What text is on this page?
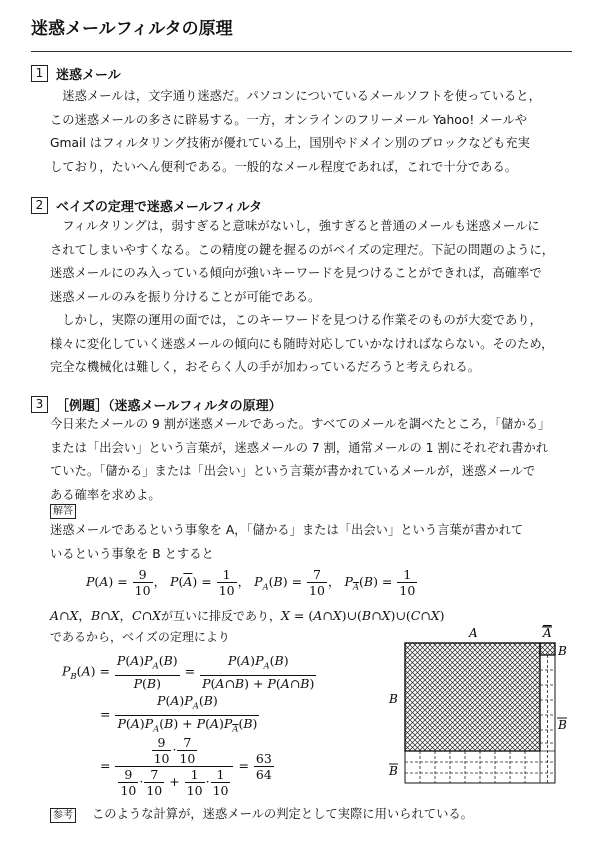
迷惑メールフィルタの原理
1 迷惑メール

　迷惑メールは，文字通り迷惑だ。パソコンについているメールソフトを使っていると，
この迷惑メールの多さに辟易する。一方，オンラインのフリーメール Yahoo! メールや
Gmail はフィルタリング技術が優れている上，国別やドメイン別のブロックなども充実
しており，たいへん便利である。一般的なメール程度であれば，これで十分である。

2 ベイズの定理で迷惑メールフィルタ

　フィルタリングは，弱すぎると意味がないし，強すぎると普通のメールも迷惑メールに
されてしまいやすくなる。この精度の鍵を握るのがベイズの定理だ。下記の問題のように，
迷惑メールにのみ入っている傾向が強いキーワードを見つけることができれば，高確率で
迷惑メールのみを振り分けることが可能である。
　しかし，実際の運用の面では，このキーワードを見つける作業そのものが大変であり，
様々に変化していく迷惑メールの傾向にも随時対応していかなければならない。そのため，
完全な機械化は難しく，おそらく人の手が加わっているだろうと考えられる。

3 ［例題］（迷惑メールフィルタの原理）

今日来たメールの 9 割が迷惑メールであった。すべてのメールを調べたところ，「儲かる」
または「出会い」という言葉が，迷惑メールの 7 割，通常メールの 1 割にそれぞれ書かれ
ていた。「儲かる」または「出会い」という言葉が書かれているメールが，迷惑メールで
ある確率を求めよ。

解答

迷惑メールであるという事象を A，「儲かる」または「出会い」という言葉が書かれて
いるという事象を B とすると

$P(A) = \frac{9}{10}$ ， $P(\overline{A}) = \frac{1}{10}$ ， $P_A(B) = \frac{7}{10}$ ， $P_{\overline{A}}(B) = \frac{1}{10}$
A∩X，B∩X，C∩Xが互いに排反であり，X = (A∩X)∪(B∩X)∪(C∩X)
であるから，ベイズの定理により
$P_B(A) = \frac{P(A)P_A(B)}{P(B)} = \frac{P(A)P_A(B)}{P(A\cap B) + P(\overline{A}\cap B)}$
= $\frac{P(A)P_A(B)}{P(A)P_A(B) + P(\overline{A})P_{\overline{A}}(B)}$
= $\frac{\frac{9}{10} \cdot \frac{7}{10}}{\frac{9}{10} \cdot \frac{7}{10} + \frac{1}{10} \cdot \frac{1}{10}} = \frac{63}{64}$
A	A
B
B
B
B
参考 このような計算が，迷惑メールの判定として実際に用いられている。
